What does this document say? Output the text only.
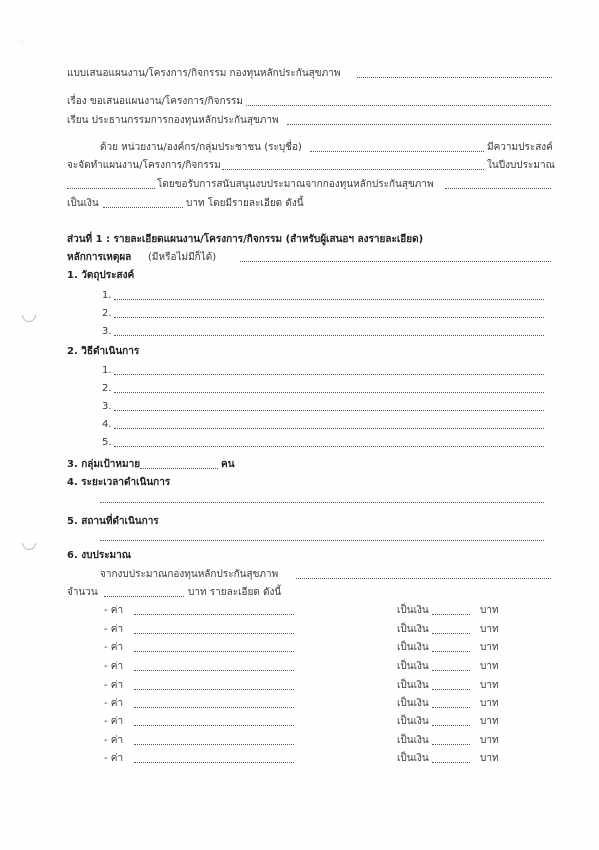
·.:
แบบเสนอแผนงาน/โครงการ/กิจกรรม กองทุนหลักประกันสุขภาพ
เรื่อง ขอเสนอแผนงาน/โครงการ/กิจกรรม
เรียน ประธานกรรมการกองทุนหลักประกันสุขภาพ
ด้วย หน่วยงาน/องค์กร/กลุ่มประชาชน (ระบุชื่อ)	มีความประสงค์
จะจัดทำแผนงาน/โครงการ/กิจกรรม	ในปีงบประมาณ
โดยขอรับการสนับสนุนงบประมาณจากกองทุนหลักประกันสุขภาพ
เป็นเงิน	บาท โดยมีรายละเอียด ดังนี้
ส่วนที่ 1 : รายละเอียดแผนงาน/โครงการ/กิจกรรม (สำหรับผู้เสนอฯ ลงรายละเอียด)
หลักการเหตุผล (มีหรือไม่มีก็ได้)
1. วัตถุประสงค์
1.
2.
3.
2. วิธีดำเนินการ
1.
2.
3.
4.
5.
3. กลุ่มเป้าหมาย	คน
4. ระยะเวลาดำเนินการ
5. สถานที่ดำเนินการ
6. งบประมาณ
จากงบประมาณกองทุนหลักประกันสุขภาพ
จำนวน	บาท รายละเอียด ดังนี้
- ค่า	เป็นเงิน	บาท
- ค่า	เป็นเงิน	บาท
- ค่า	เป็นเงิน	บาท
- ค่า	เป็นเงิน	บาท
- ค่า	เป็นเงิน	บาท
- ค่า	เป็นเงิน	บาท
- ค่า	เป็นเงิน	บาท
- ค่า	เป็นเงิน	บาท
- ค่า	เป็นเงิน	บาท
